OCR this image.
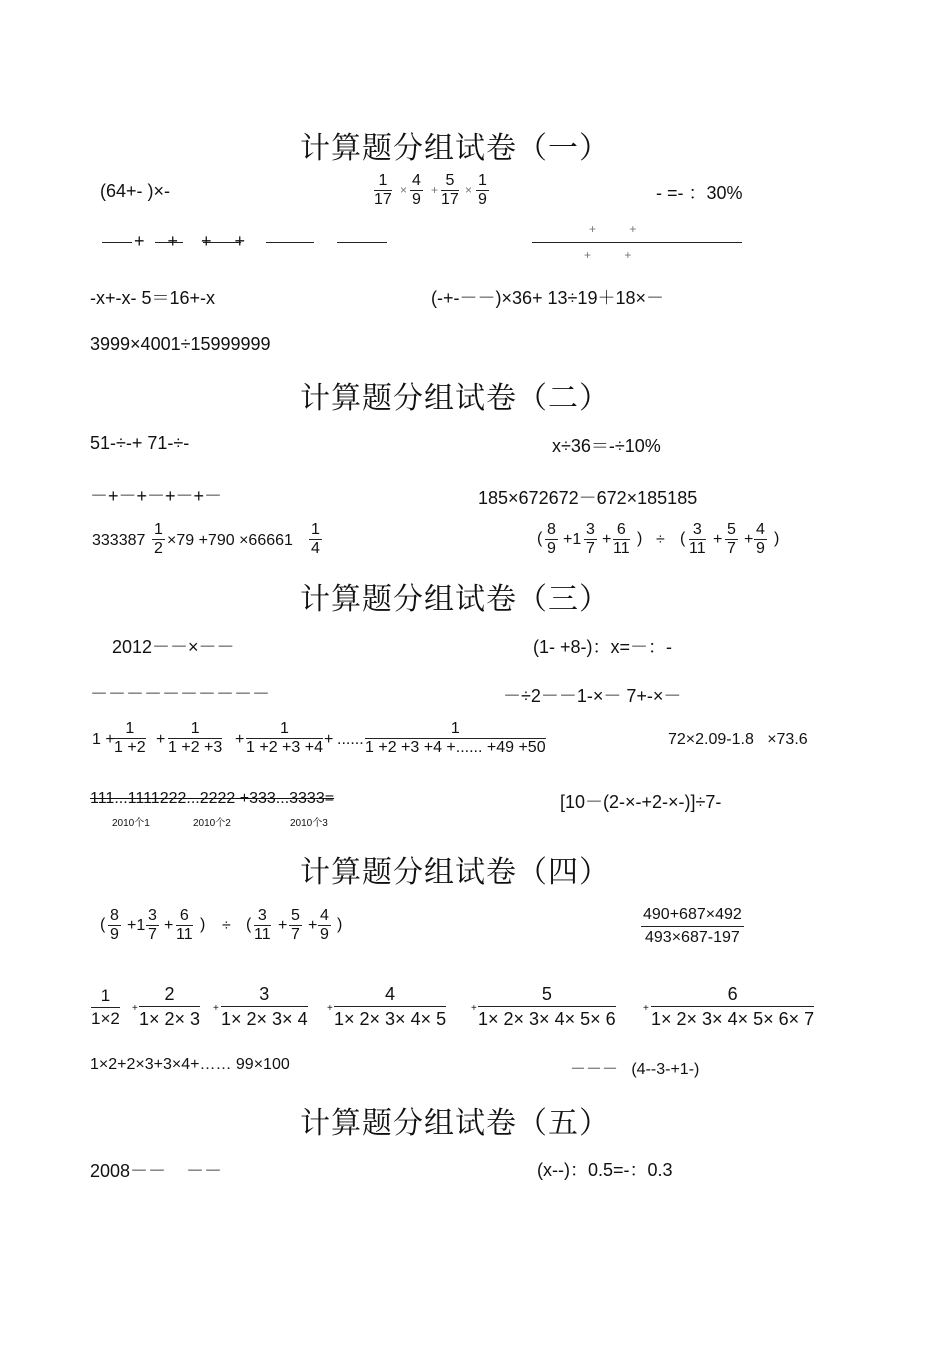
计算题分组试卷（一）
(64+- )×-	$\frac{1}{17} \times \frac{4}{9} + \frac{5}{17} \times \frac{1}{9}$	- =- ：30%
+ + + +
+          +
+          +
-x+-x- 5＝16+-x	(-+-－－)×36+ 13÷19＋18×－
3999×4001÷15999999
计算题分组试卷（二）
51-÷-+ 71-÷-	x÷36＝-÷10%
－+－+－+－+－	185×672672－672×185185
$333387 \frac{1}{2} \times 79 +790 \times 66661 \frac{1}{4}$	( $\frac{8}{9} +1 \frac{3}{7} + \frac{6}{11}$ ) ÷ ( $\frac{3}{11} + \frac{5}{7} + \frac{4}{9}$ )
计算题分组试卷（三）
2012－－×－－	(1- +8-)：x=－：-
－－－－－－－－－－	－÷2－－1-×－ 7+-×－
$1 + \frac{1}{1 +2} + \frac{1}{1 +2 +3} + \frac{1}{1 +2 +3 +4}$ + ...... $\frac{1}{1 +2 +3 +4 +...... +49 +50}$	72×2.09-1.8   ×73.6
111...1111222...2222 +333...3333=
2010个1	2010个2	2010个3
[10－(2-×-+2-×-)]÷7-
计算题分组试卷（四）
( $\frac{8}{9} +1 \frac{3}{7} + \frac{6}{11}$ ) ÷ ( $\frac{3}{11} + \frac{5}{7} + \frac{4}{9}$ )	$\frac{490+687\times 492}{493\times 687-197}$
$\frac{1}{1\times 2} + \frac{2}{1\times 2\times 3} + \frac{3}{1\times 2\times 3\times 4} + \frac{4}{1\times 2\times 3\times 4\times 5} + \frac{5}{1\times 2\times 3\times 4\times 5\times 6}$	+ $\frac{6}{1\times 2\times 3\times 4\times 5\times 6\times 7}$
1×2+2×3+3×4+…… 99×100	－－－   (4--3-+1-)
计算题分组试卷（五）
2008－－    －－	(x--)：0.5=-：0.3
